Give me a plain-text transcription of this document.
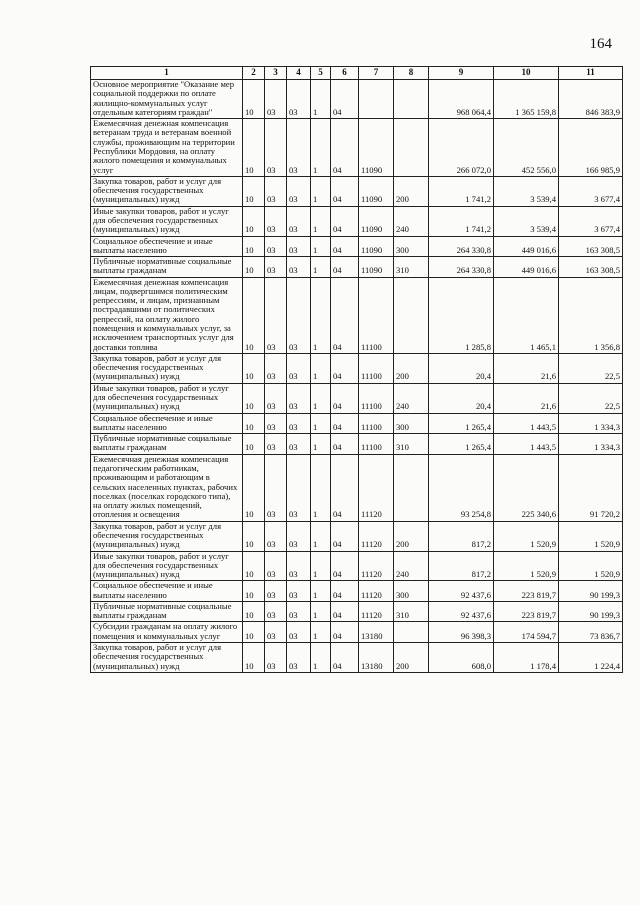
164
1	2	3	4	5	6	7	8	9	10	11
Основное мероприятие "Оказание мер социальной поддержки по оплате жилищно-коммунальных услуг отдельным категориям граждан"	10	03	03	1	04			968 064,4	1 365 159,8	846 383,9
Ежемесячная денежная компенсация ветеранам труда и ветеранам военной службы, проживающим на территории Республики Мордовия, на оплату жилого помещения и коммунальных услуг	10	03	03	1	04	11090		266 072,0	452 556,0	166 985,9
Закупка товаров, работ и услуг для обеспечения государственных (муниципальных) нужд	10	03	03	1	04	11090	200	1 741,2	3 539,4	3 677,4
Иные закупки товаров, работ и услуг для обеспечения государственных (муниципальных) нужд	10	03	03	1	04	11090	240	1 741,2	3 539,4	3 677,4
Социальное обеспечение и иные выплаты населению	10	03	03	1	04	11090	300	264 330,8	449 016,6	163 308,5
Публичные нормативные социальные выплаты гражданам	10	03	03	1	04	11090	310	264 330,8	449 016,6	163 308,5
Ежемесячная денежная компенсация лицам, подвергшимся политическим репрессиям, и лицам, признанным пострадавшими от политических репрессий, на оплату жилого помещения и коммунальных услуг, за исключением транспортных услуг для доставки топлива	10	03	03	1	04	11100		1 285,8	1 465,1	1 356,8
Закупка товаров, работ и услуг для обеспечения государственных (муниципальных) нужд	10	03	03	1	04	11100	200	20,4	21,6	22,5
Иные закупки товаров, работ и услуг для обеспечения государственных (муниципальных) нужд	10	03	03	1	04	11100	240	20,4	21,6	22,5
Социальное обеспечение и иные выплаты населению	10	03	03	1	04	11100	300	1 265,4	1 443,5	1 334,3
Публичные нормативные социальные выплаты гражданам	10	03	03	1	04	11100	310	1 265,4	1 443,5	1 334,3
Ежемесячная денежная компенсация педагогическим работникам, проживающим и работающим в сельских населенных пунктах, рабочих поселках (поселках городского типа), на оплату жилых помещений, отопления и освещения	10	03	03	1	04	11120		93 254,8	225 340,6	91 720,2
Закупка товаров, работ и услуг для обеспечения государственных (муниципальных) нужд	10	03	03	1	04	11120	200	817,2	1 520,9	1 520,9
Иные закупки товаров, работ и услуг для обеспечения государственных (муниципальных) нужд	10	03	03	1	04	11120	240	817,2	1 520,9	1 520,9
Социальное обеспечение и иные выплаты населению	10	03	03	1	04	11120	300	92 437,6	223 819,7	90 199,3
Публичные нормативные социальные выплаты гражданам	10	03	03	1	04	11120	310	92 437,6	223 819,7	90 199,3
Субсидии гражданам на оплату жилого помещения и коммунальных услуг	10	03	03	1	04	13180		96 398,3	174 594,7	73 836,7
Закупка товаров, работ и услуг для обеспечения государственных (муниципальных) нужд	10	03	03	1	04	13180	200	608,0	1 178,4	1 224,4
